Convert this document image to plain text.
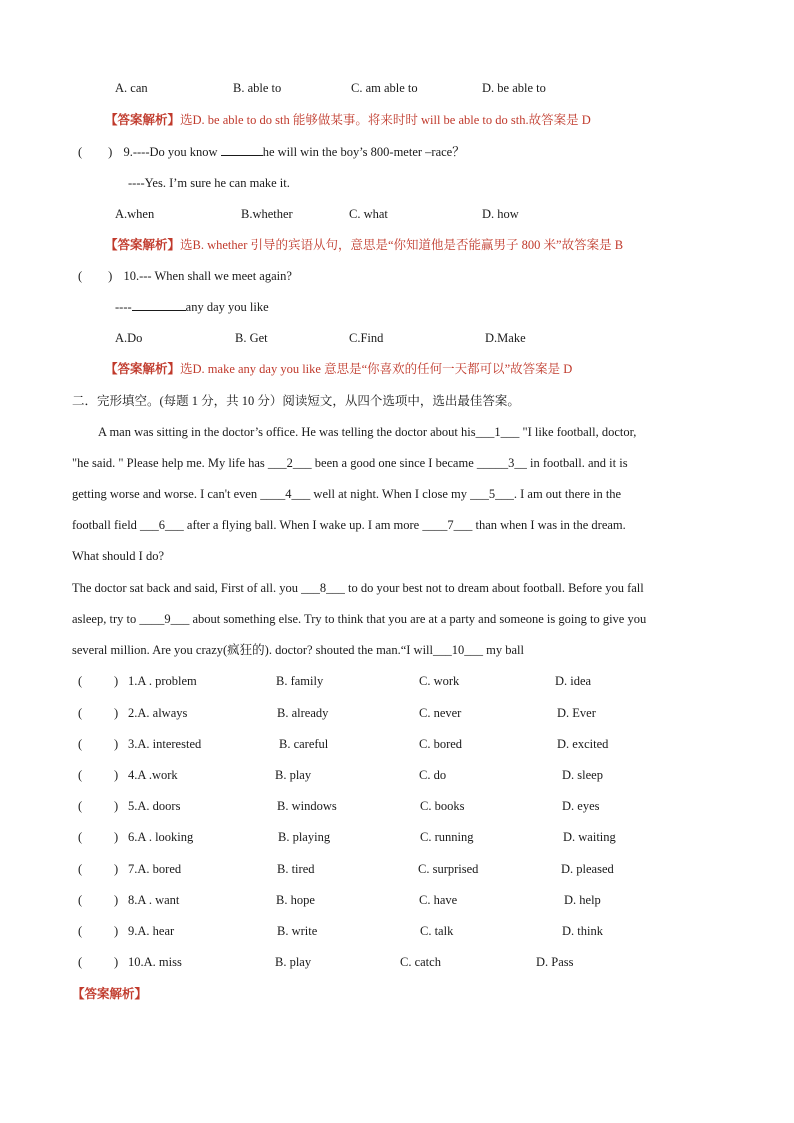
A. can	B. able to	C. am able to	D. be able to
【答案解析】选D. be able to do sth 能够做某事。将来时时 will be able to do sth.故答案是 D
( ) 9.----Do you know	he will win the boy’s 800-meter –race？
----Yes. I’m sure he can make it.
A.when	B.whether	C. what	D. how
【答案解析】选B. whether 引导的宾语从句，意思是“你知道他是否能赢男子 800 米”故答案是 B
( ) 10.--- When shall we meet again?
----	any day you like
A.Do	B. Get	C.Find	D.Make
【答案解析】选D. make any day you like 意思是“你喜欢的任何一天都可以”故答案是 D
二．完形填空。(每题 1 分，共 10 分）阅读短文，从四个选项中，选出最佳答案。
A man was sitting in the doctor’s office. He was telling the doctor about his___1___ "I like football, doctor,
"he said. " Please help me. My life has ___2___ been a good one since I became _____3__ in football. and it is
getting worse and worse. I can't even ____4___ well at night. When I close my ___5___. I am out there in the
football field ___6___ after a flying ball. When I wake up. I am more ____7___ than when I was in the dream.
What should I do?
The doctor sat back and said, First of all. you ___8___ to do your best not to dream about football. Before you fall
asleep, try to ____9___ about something else. Try to think that you are at a party and someone is going to give you
several million. Are you crazy(疯狂的). doctor? shouted the man.“I will___10___ my ball
(	) 1.A . problem	B. family	C. work	D. idea
(	) 2.A. always	B. already	C. never	D. Ever
(	) 3.A. interested	B. careful	C. bored	D. excited
(	) 4.A .work	B. play	C. do	D. sleep
(	) 5.A. doors	B. windows	C. books	D. eyes
(	) 6.A . looking	B. playing	C. running	D. waiting
(	) 7.A. bored	B. tired	C. surprised	D. pleased
(	) 8.A . want	B. hope	C. have	D. help
(	) 9.A. hear	B. write	C. talk	D. think
(	) 10.A. miss	B. play	C. catch	D. Pass
【答案解析】
